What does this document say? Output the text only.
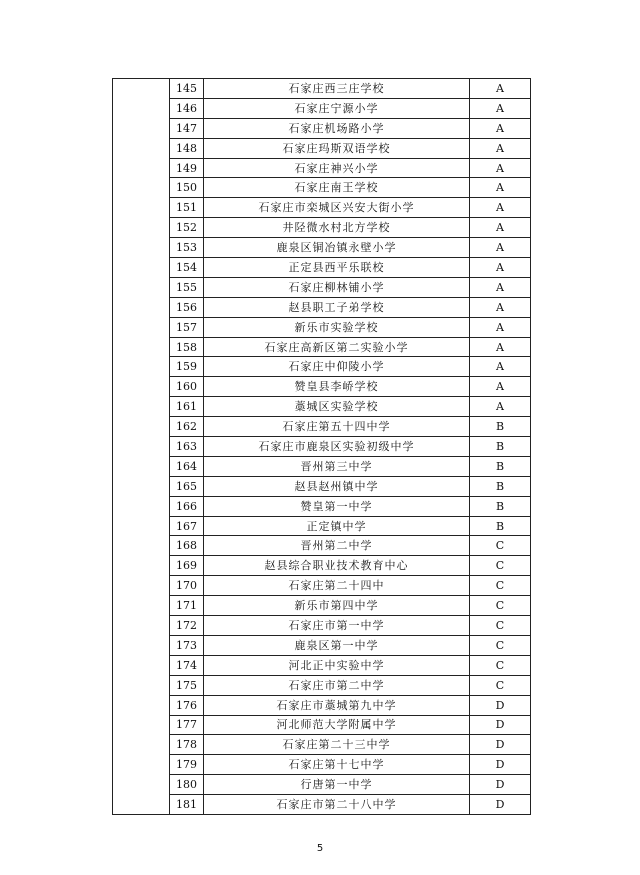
	145	石家庄西三庄学校	A
	146	石家庄宁源小学	A
	147	石家庄机场路小学	A
	148	石家庄玛斯双语学校	A
	149	石家庄神兴小学	A
	150	石家庄南王学校	A
	151	石家庄市栾城区兴安大街小学	A
	152	井陉微水村北方学校	A
	153	鹿泉区铜冶镇永壁小学	A
	154	正定县西平乐联校	A
	155	石家庄柳林铺小学	A
	156	赵县职工子弟学校	A
	157	新乐市实验学校	A
	158	石家庄高新区第二实验小学	A
	159	石家庄中仰陵小学	A
	160	赞皇县李峤学校	A
	161	藁城区实验学校	A
	162	石家庄第五十四中学	B
	163	石家庄市鹿泉区实验初级中学	B
	164	晋州第三中学	B
	165	赵县赵州镇中学	B
	166	赞皇第一中学	B
	167	正定镇中学	B
	168	晋州第二中学	C
	169	赵县综合职业技术教育中心	C
	170	石家庄第二十四中	C
	171	新乐市第四中学	C
	172	石家庄市第一中学	C
	173	鹿泉区第一中学	C
	174	河北正中实验中学	C
	175	石家庄市第二中学	C
	176	石家庄市藁城第九中学	D
	177	河北师范大学附属中学	D
	178	石家庄第二十三中学	D
	179	石家庄第十七中学	D
	180	行唐第一中学	D
	181	石家庄市第二十八中学	D
5
